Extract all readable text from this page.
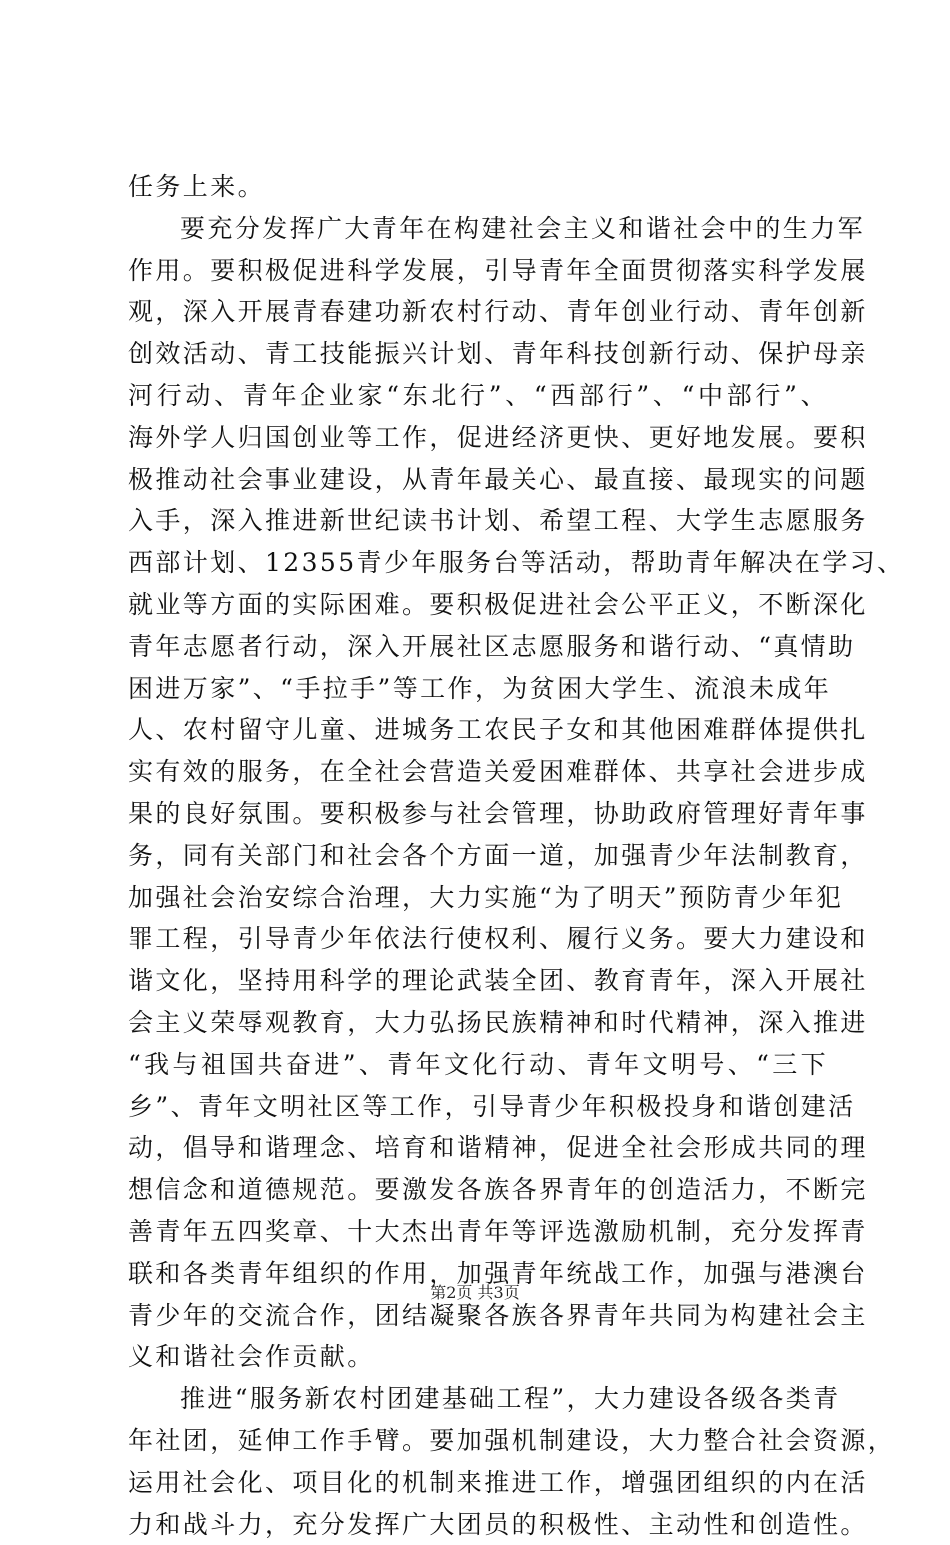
任务上来。
要充分发挥广大青年在构建社会主义和谐社会中的生力军
作用。要积极促进科学发展，引导青年全面贯彻落实科学发展
观，深入开展青春建功新农村行动、青年创业行动、青年创新
创效活动、青工技能振兴计划、青年科技创新行动、保护母亲
河行动、青年企业家“东北行”、“西部行”、“中部行”、
海外学人归国创业等工作，促进经济更快、更好地发展。要积
极推动社会事业建设，从青年最关心、最直接、最现实的问题
入手，深入推进新世纪读书计划、希望工程、大学生志愿服务
西部计划、12355青少年服务台等活动，帮助青年解决在学习、
就业等方面的实际困难。要积极促进社会公平正义，不断深化
青年志愿者行动，深入开展社区志愿服务和谐行动、“真情助
困进万家”、“手拉手”等工作，为贫困大学生、流浪未成年
人、农村留守儿童、进城务工农民子女和其他困难群体提供扎
实有效的服务，在全社会营造关爱困难群体、共享社会进步成
果的良好氛围。要积极参与社会管理，协助政府管理好青年事
务，同有关部门和社会各个方面一道，加强青少年法制教育，
加强社会治安综合治理，大力实施“为了明天”预防青少年犯
罪工程，引导青少年依法行使权利、履行义务。要大力建设和
谐文化，坚持用科学的理论武装全团、教育青年，深入开展社
会主义荣辱观教育，大力弘扬民族精神和时代精神，深入推进
“我与祖国共奋进”、青年文化行动、青年文明号、“三下
乡”、青年文明社区等工作，引导青少年积极投身和谐创建活
动，倡导和谐理念、培育和谐精神，促进全社会形成共同的理
想信念和道德规范。要激发各族各界青年的创造活力，不断完
善青年五四奖章、十大杰出青年等评选激励机制，充分发挥青
联和各类青年组织的作用，加强青年统战工作，加强与港澳台
青少年的交流合作，团结凝聚各族各界青年共同为构建社会主
义和谐社会作贡献。
推进“服务新农村团建基础工程”，大力建设各级各类青
年社团，延伸工作手臂。要加强机制建设，大力整合社会资源，
运用社会化、项目化的机制来推进工作，增强团组织的内在活
力和战斗力，充分发挥广大团员的积极性、主动性和创造性。
第2页 共3页
